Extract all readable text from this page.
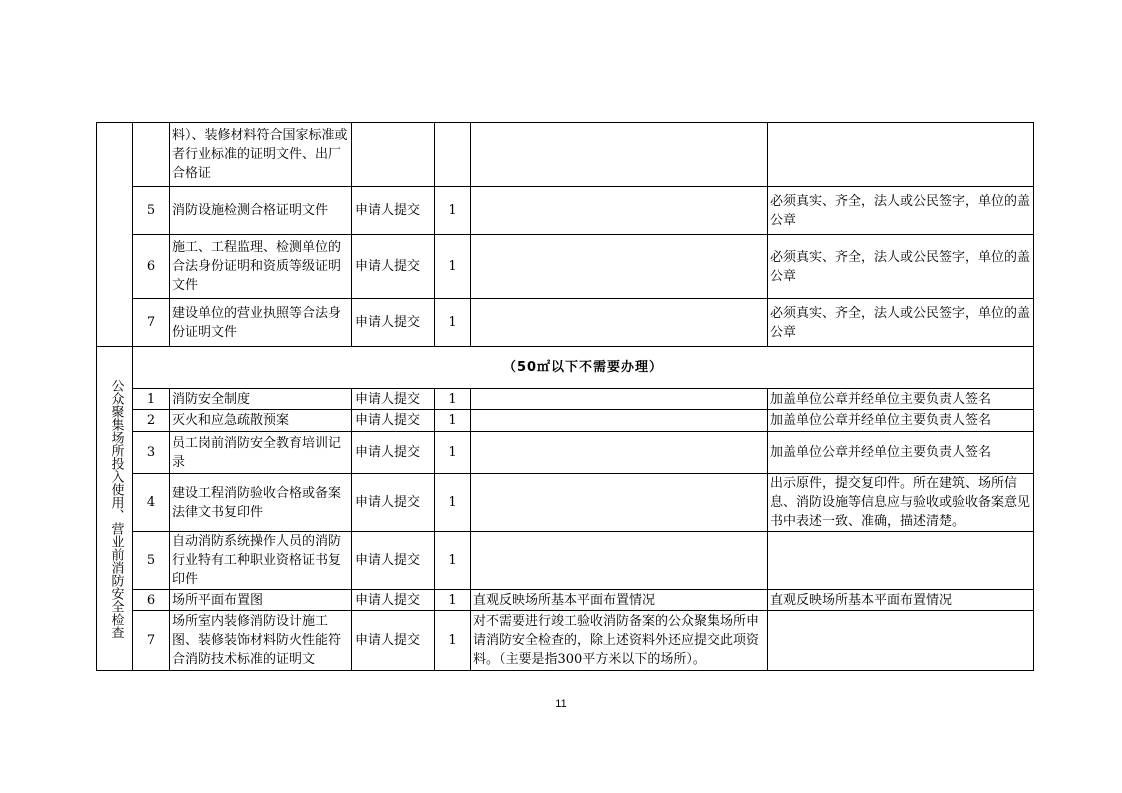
		料）、装修材料符合国家标准或者行业标准的证明文件、出厂合格证				
	5	消防设施检测合格证明文件	申请人提交	1		必须真实、齐全，法人或公民签字，单位的盖公章
	6	施工、工程监理、检测单位的合法身份证明和资质等级证明文件	申请人提交	1		必须真实、齐全，法人或公民签字，单位的盖公章
	7	建设单位的营业执照等合法身份证明文件	申请人提交	1		必须真实、齐全，法人或公民签字，单位的盖公章

公众聚集场所投入使用、营业前消防安全检查	（50㎡以下不需要办理）					
	1	消防安全制度	申请人提交	1		加盖单位公章并经单位主要负责人签名
	2	灭火和应急疏散预案	申请人提交	1		加盖单位公章并经单位主要负责人签名
	3	员工岗前消防安全教育培训记录	申请人提交	1		加盖单位公章并经单位主要负责人签名
	4	建设工程消防验收合格或备案法律文书复印件	申请人提交	1		出示原件，提交复印件。所在建筑、场所信息、消防设施等信息应与验收或验收备案意见书中表述一致、准确，描述清楚。
	5	自动消防系统操作人员的消防行业特有工种职业资格证书复印件	申请人提交	1		
	6	场所平面布置图	申请人提交	1	直观反映场所基本平面布置情况	直观反映场所基本平面布置情况
	7	场所室内装修消防设计施工图、装修装饰材料防火性能符合消防技术标准的证明文	申请人提交	1	对不需要进行竣工验收消防备案的公众聚集场所申请消防安全检查的，除上述资料外还应提交此项资料。（主要是指300平方米以下的场所）。	
11
